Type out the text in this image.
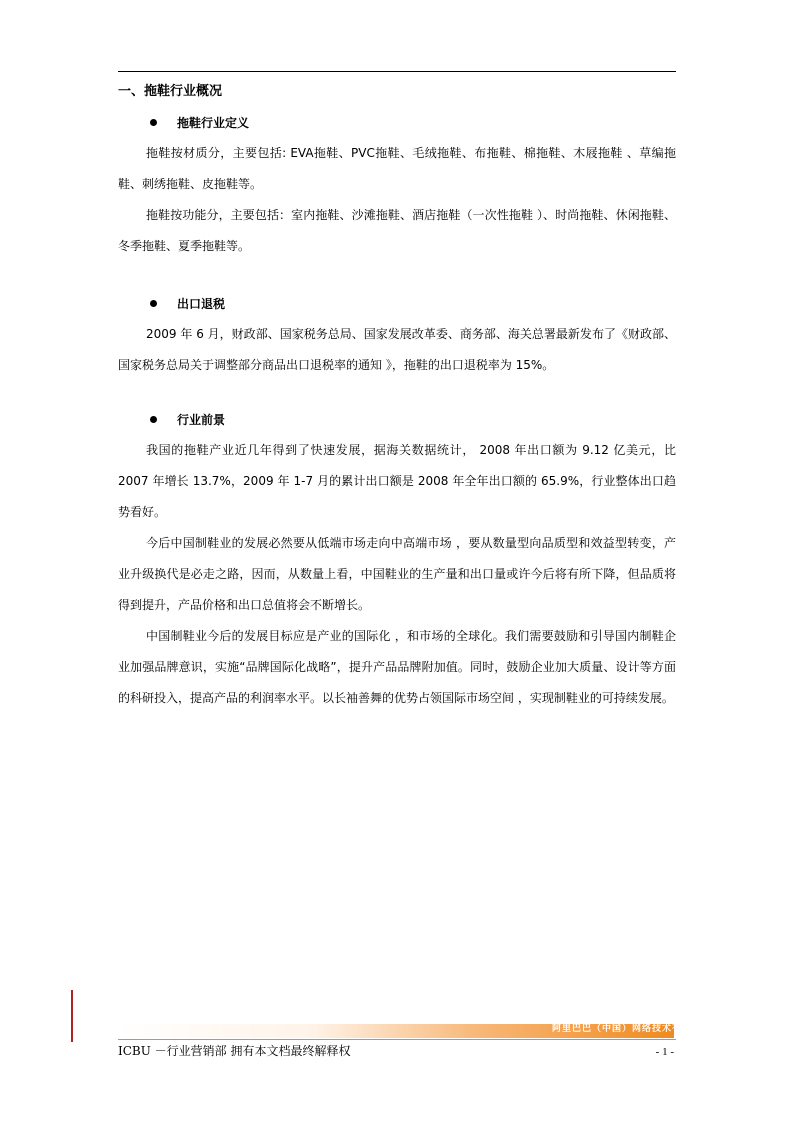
一、拖鞋行业概况
拖鞋行业定义

拖鞋按材质分，主要包括: EVA拖鞋、PVC拖鞋、毛绒拖鞋、布拖鞋、棉拖鞋、木屐拖鞋 、草编拖鞋、刺绣拖鞋、皮拖鞋等。

拖鞋按功能分，主要包括：室内拖鞋、沙滩拖鞋、酒店拖鞋（一次性拖鞋 ）、时尚拖鞋、休闲拖鞋、冬季拖鞋、夏季拖鞋等。

出口退税

2009 年 6 月，财政部、国家税务总局、国家发展改革委、商务部、海关总署最新发布了《财政部、国家税务总局关于调整部分商品出口退税率的通知 》，拖鞋的出口退税率为 15%。

行业前景

我国的拖鞋产业近几年得到了快速发展，据海关数据统计， 2008 年出口额为 9.12 亿美元，比 2007 年增长 13.7%，2009 年 1-7 月的累计出口额是 2008 年全年出口额的 65.9%，行业整体出口趋势看好。

今后中国制鞋业的发展必然要从低端市场走向中高端市场 ，要从数量型向品质型和效益型转变，产业升级换代是必走之路，因而，从数量上看，中国鞋业的生产量和出口量或许今后将有所下降，但品质将得到提升，产品价格和出口总值将会不断增长。

中国制鞋业今后的发展目标应是产业的国际化 ，和市场的全球化。我们需要鼓励和引导国内制鞋企业加强品牌意识，实施“品牌国际化战略”，提升产品品牌附加值。同时，鼓励企业加大质量、设计等方面的科研投入，提高产品的利润率水平。以长袖善舞的优势占领国际市场空间 ，实现制鞋业的可持续发展。

阿里巴巴（中国）网络技术有限公司
ICBU －行业营销部 拥有本文档最终解释权	- 1 -
